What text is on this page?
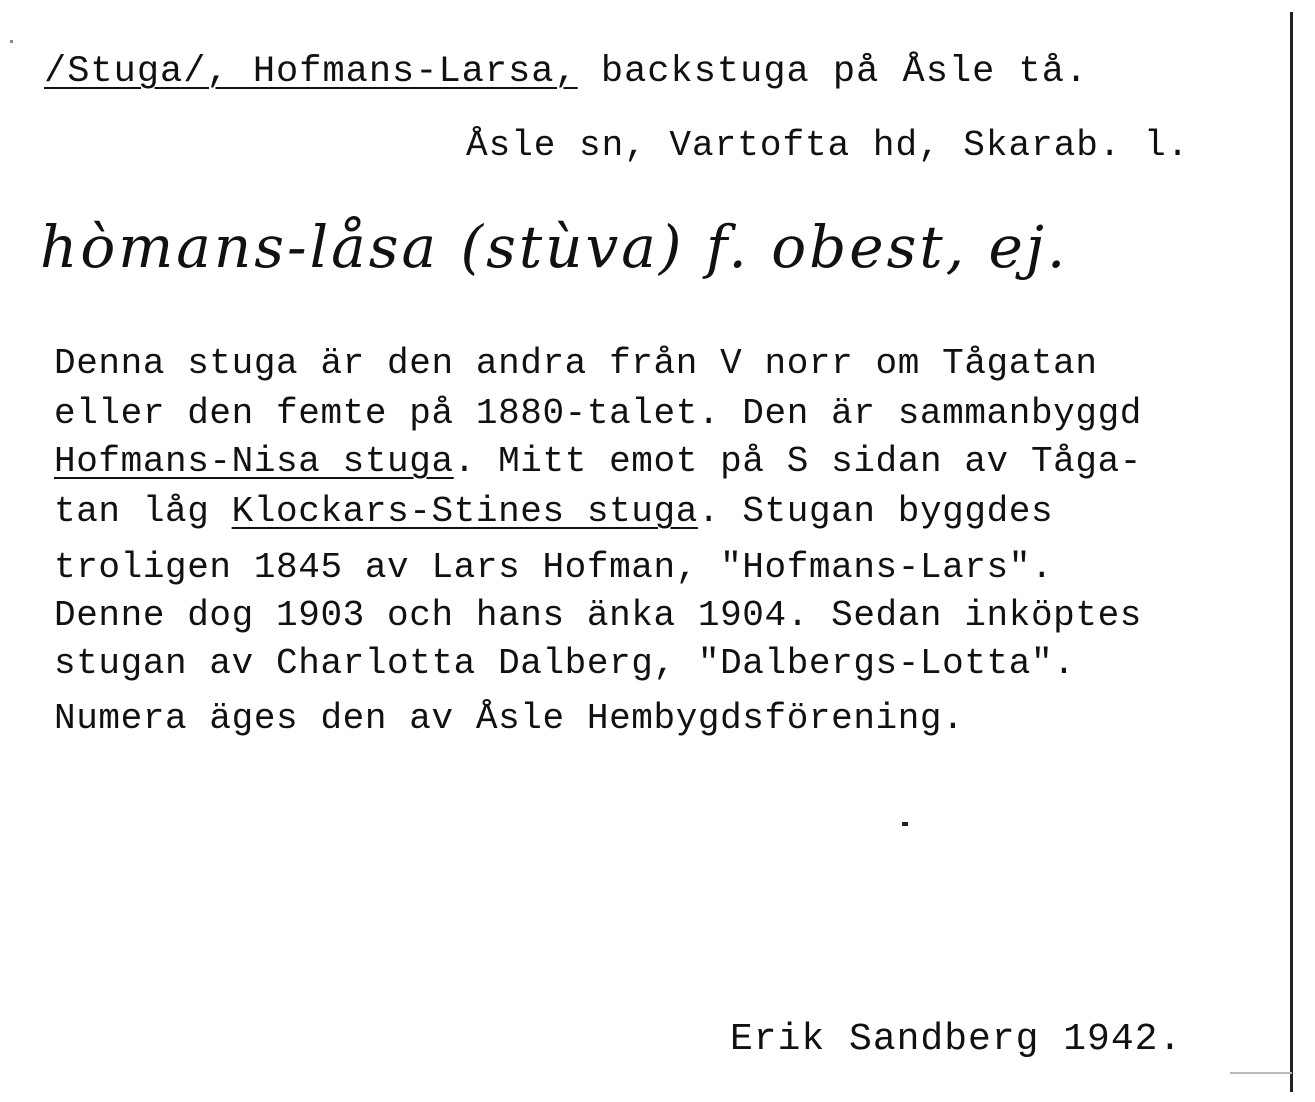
/Stuga/, Hofmans-Larsa, backstuga på Åsle tå.
Åsle sn, Vartofta hd, Skarab. l.
hòmans-låsa (stùva) f. obest, ej.
Denna stuga är den andra från V norr om Tågatan
eller den femte på 1880-talet. Den är sammanbyggd
Hofmans-Nisa stuga. Mitt emot på S sidan av Tåga-
tan låg Klockars-Stines stuga. Stugan byggdes
troligen 1845 av Lars Hofman, "Hofmans-Lars".
Denne dog 1903 och hans änka 1904. Sedan inköptes
stugan av Charlotta Dalberg, "Dalbergs-Lotta".
Numera äges den av Åsle Hembygdsförening.
Erik Sandberg 1942.
